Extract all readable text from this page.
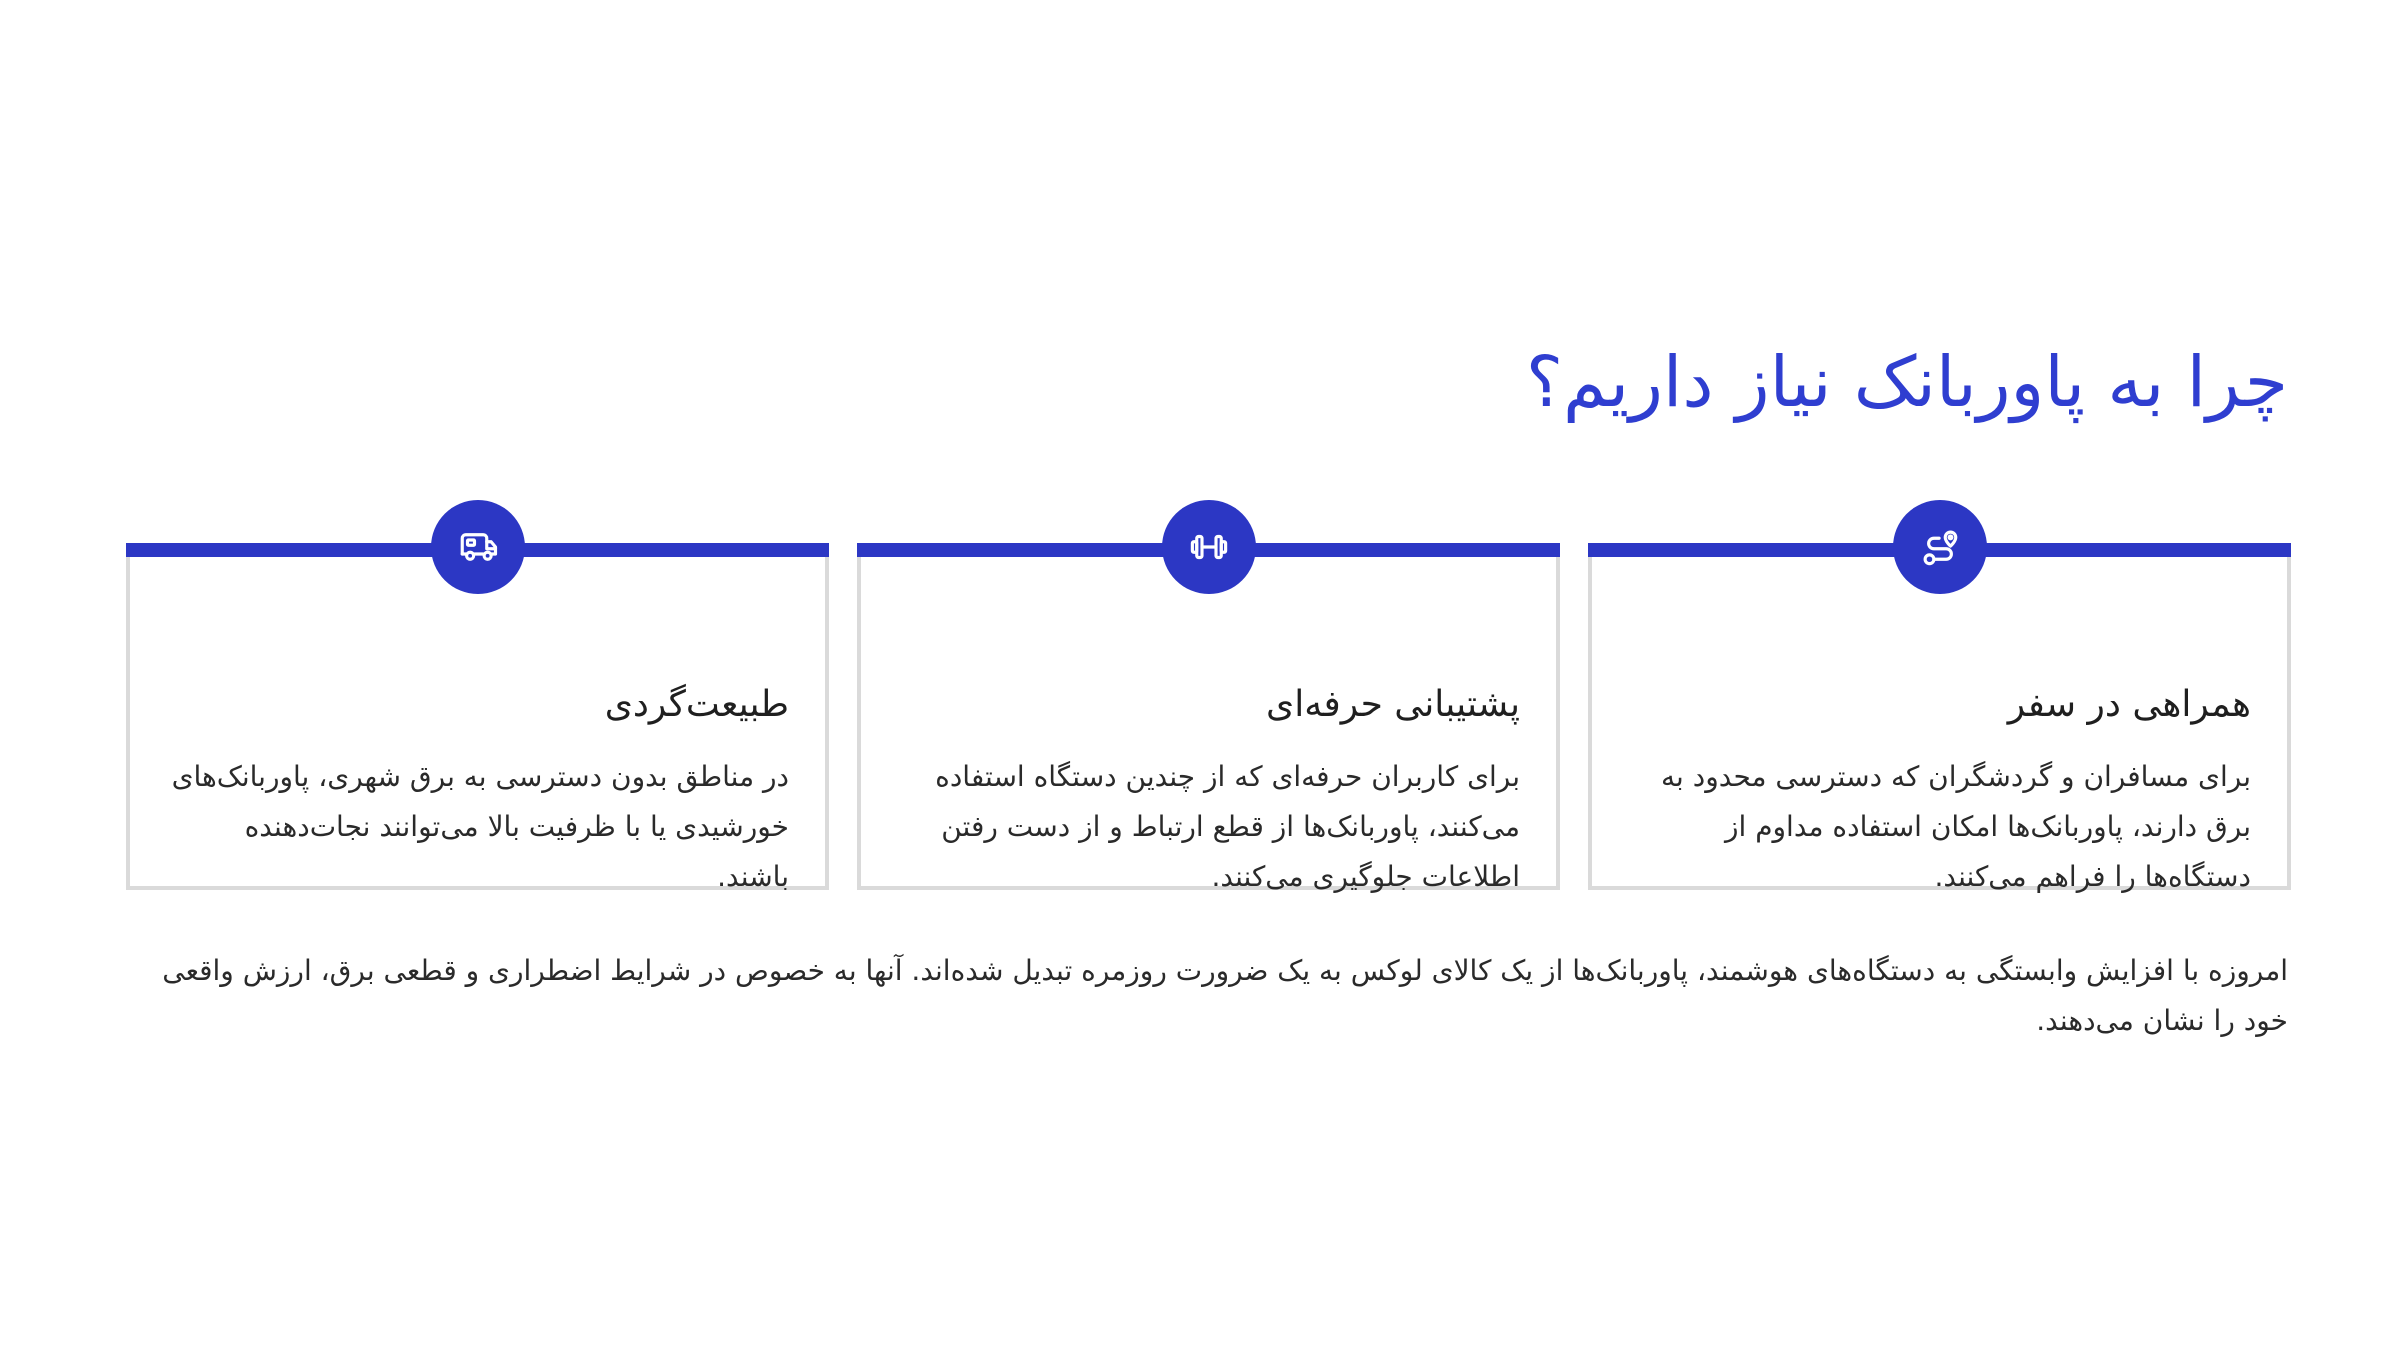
چرا به پاوربانک نیاز داریم؟
همراهی در سفر
برای مسافران و گردشگران که دسترسی محدود به برق دارند، پاوربانک‌ها امکان استفاده مداوم از دستگاه‌ها را فراهم می‌کنند.
پشتیبانی حرفه‌ای
برای کاربران حرفه‌ای که از چندین دستگاه استفاده می‌کنند، پاوربانک‌ها از قطع ارتباط و از دست رفتن اطلاعات جلوگیری می‌کنند.
طبیعت‌گردی
در مناطق بدون دسترسی به برق شهری، پاوربانک‌های خورشیدی یا با ظرفیت بالا می‌توانند نجات‌دهنده باشند.

امروزه با افزایش وابستگی به دستگاه‌های هوشمند، پاوربانک‌ها از یک کالای لوکس به یک ضرورت روزمره تبدیل شده‌اند. آنها به خصوص در شرایط اضطراری و قطعی برق، ارزش واقعی خود را نشان می‌دهند.
